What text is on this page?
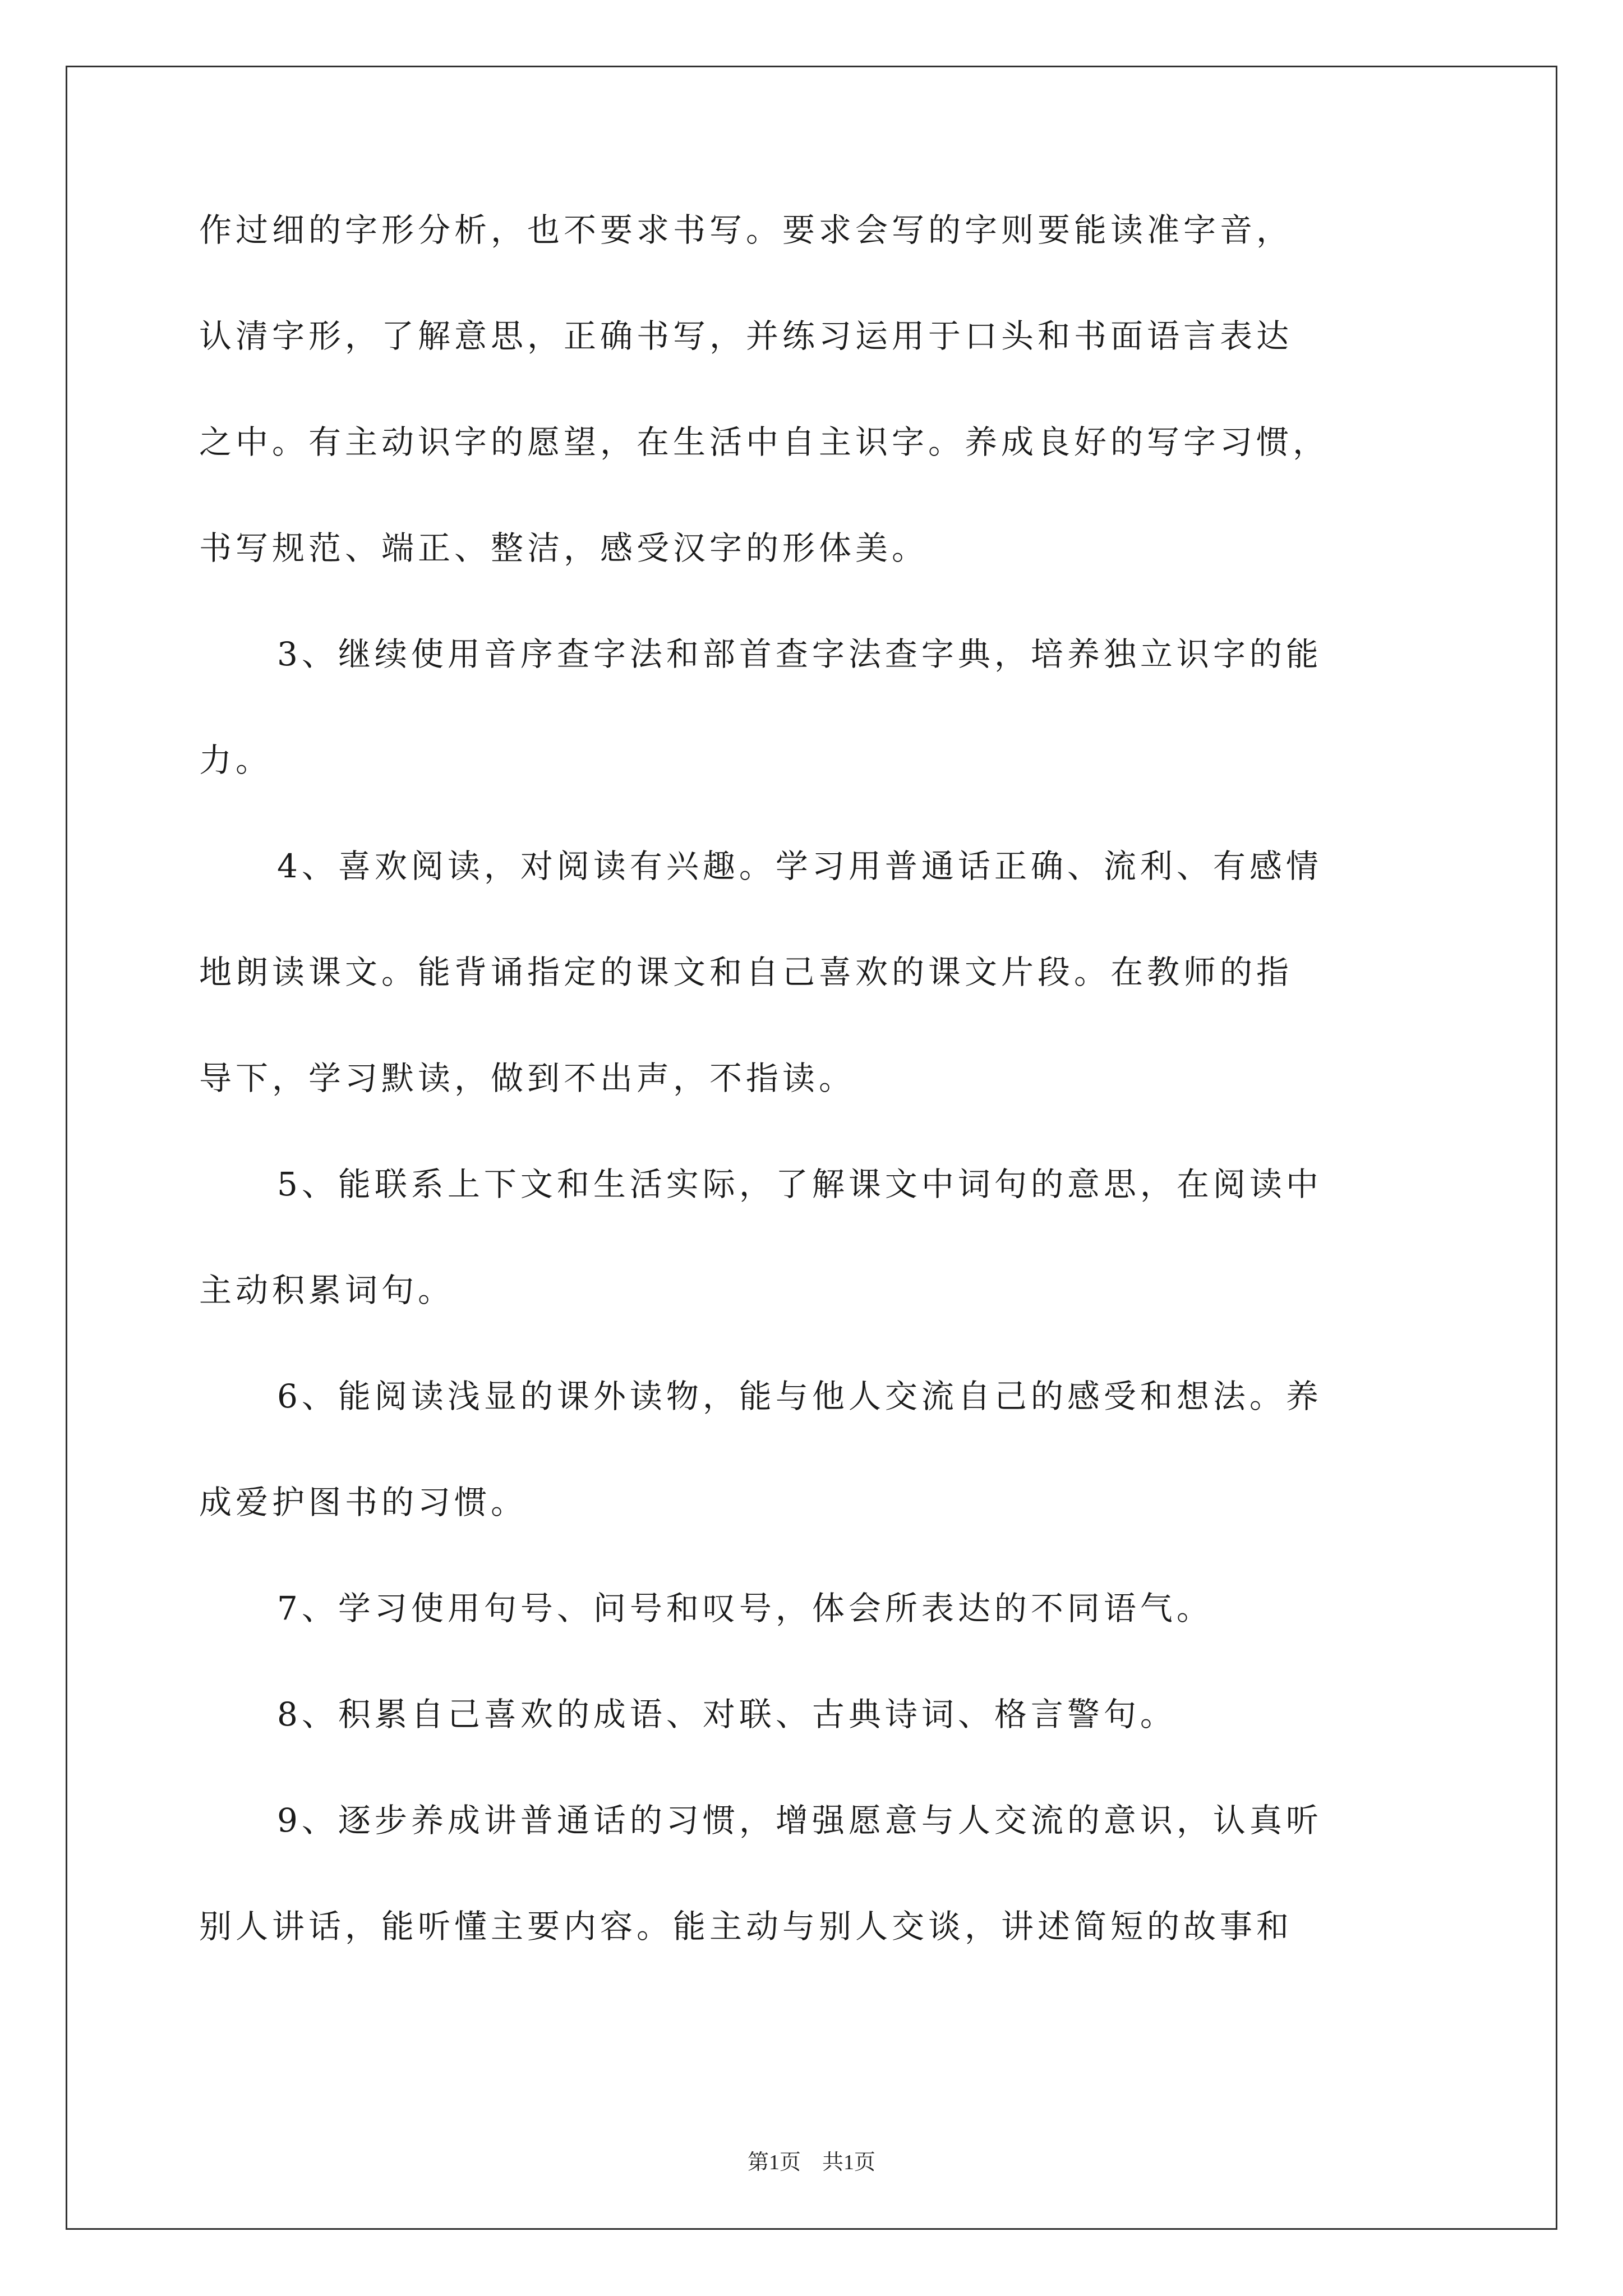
作过细的字形分析，也不要求书写。要求会写的字则要能读准字音，
认清字形，了解意思，正确书写，并练习运用于口头和书面语言表达
之中。有主动识字的愿望，在生活中自主识字。养成良好的写字习惯，
书写规范、端正、整洁，感受汉字的形体美。
3、继续使用音序查字法和部首查字法查字典，培养独立识字的能
力。
4、喜欢阅读，对阅读有兴趣。学习用普通话正确、流利、有感情
地朗读课文。能背诵指定的课文和自己喜欢的课文片段。在教师的指
导下，学习默读，做到不出声，不指读。
5、能联系上下文和生活实际，了解课文中词句的意思，在阅读中
主动积累词句。
6、能阅读浅显的课外读物，能与他人交流自己的感受和想法。养
成爱护图书的习惯。
7、学习使用句号、问号和叹号，体会所表达的不同语气。
8、积累自己喜欢的成语、对联、古典诗词、格言警句。
9、逐步养成讲普通话的习惯，增强愿意与人交流的意识，认真听
别人讲话，能听懂主要内容。能主动与别人交谈，讲述简短的故事和
第1页　共1页
